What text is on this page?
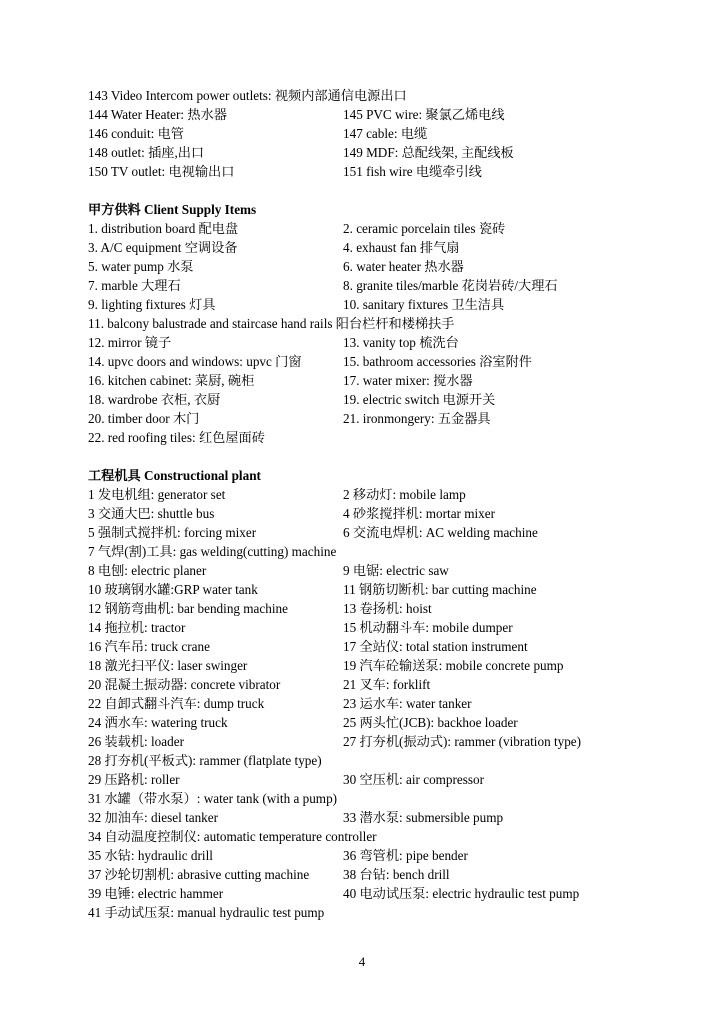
143 Video Intercom power outlets: 视频内部通信电源出口
144 Water Heater: 热水器	145 PVC wire: 聚氯乙烯电线
146 conduit: 电管	147 cable: 电缆
148 outlet: 插座,出口	149 MDF: 总配线架, 主配线板
150 TV outlet: 电视输出口	151 fish wire 电缆牵引线
甲方供料 Client Supply Items
1. distribution board 配电盘	2. ceramic porcelain tiles 瓷砖
3. A/C equipment 空调设备	4. exhaust fan 排气扇
5. water pump 水泵	6. water heater 热水器
7. marble 大理石	8. granite tiles/marble 花岗岩砖/大理石
9. lighting fixtures 灯具	10. sanitary fixtures 卫生洁具
11. balcony balustrade and staircase hand rails 阳台栏杆和楼梯扶手
12. mirror 镜子	13. vanity top 梳洗台
14. upvc doors and windows: upvc 门窗	15. bathroom accessories 浴室附件
16. kitchen cabinet: 菜厨, 碗柜	17. water mixer: 搅水器
18. wardrobe 衣柜, 衣厨	19. electric switch 电源开关
20. timber door 木门	21. ironmongery: 五金器具
22. red roofing tiles: 红色屋面砖
工程机具 Constructional plant
1 发电机组: generator set	2 移动灯: mobile lamp
3 交通大巴: shuttle bus	4 砂浆搅拌机: mortar mixer
5 强制式搅拌机: forcing mixer	6 交流电焊机: AC welding machine
7 气焊(割)工具: gas welding(cutting) machine
8 电刨: electric planer	9 电锯: electric saw
10 玻璃钢水罐:GRP water tank	11 钢筋切断机: bar cutting machine
12 钢筋弯曲机: bar bending machine	13 卷扬机: hoist
14 拖拉机: tractor	15 机动翻斗车: mobile dumper
16 汽车吊: truck crane	17 全站仪: total station instrument
18 激光扫平仪: laser swinger	19 汽车砼输送泵: mobile concrete pump
20 混凝土振动器: concrete vibrator	21 叉车: forklift
22 自卸式翻斗汽车: dump truck	23 运水车: water tanker
24 洒水车: watering truck	25 两头忙(JCB): backhoe loader
26 装载机: loader	27 打夯机(振动式): rammer (vibration type)
28 打夯机(平板式): rammer (flatplate type)
29 压路机: roller	30 空压机: air compressor
31 水罐（带水泵）: water tank (with a pump)
32 加油车: diesel tanker	33 潜水泵: submersible pump
34 自动温度控制仪: automatic temperature controller
35 水钻: hydraulic drill	36 弯管机: pipe bender
37 沙轮切割机: abrasive cutting machine	38 台钻: bench drill
39 电锤: electric hammer	40 电动试压泵: electric hydraulic test pump
41 手动试压泵: manual hydraulic test pump
4
